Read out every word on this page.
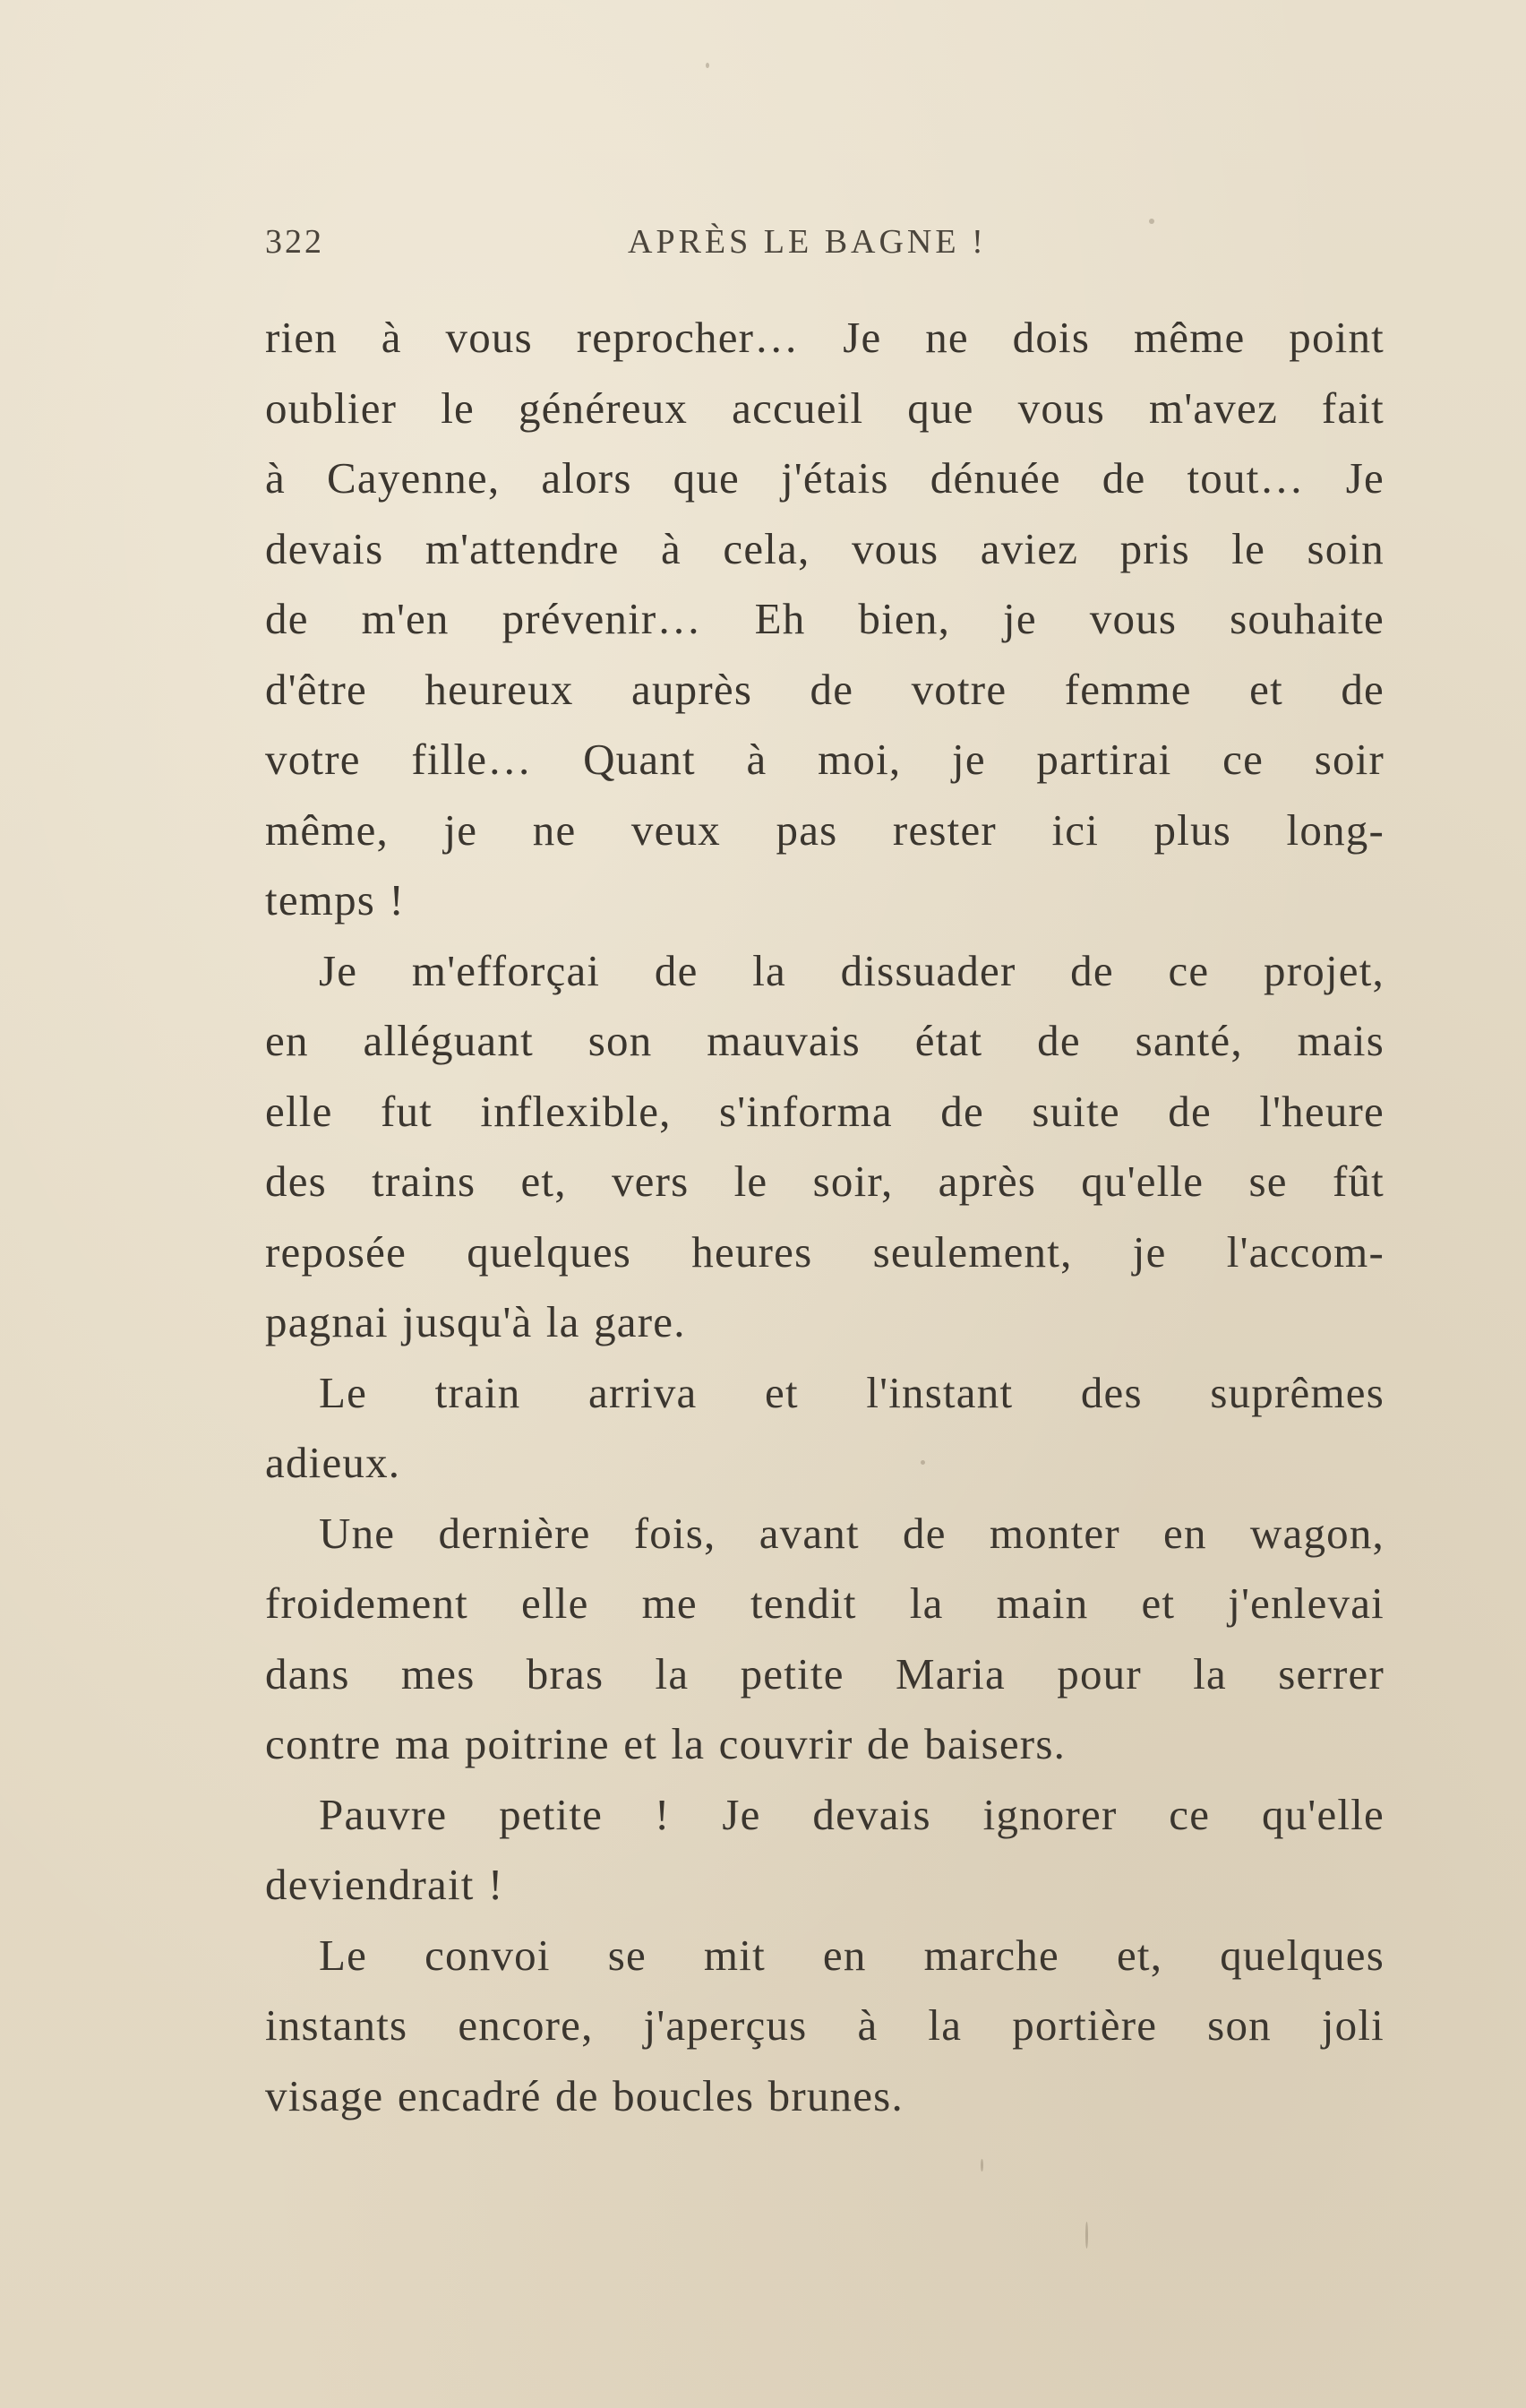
322	APRÈS LE BAGNE !

rien à vous reprocher… Je ne dois même point

oublier le généreux accueil que vous m'avez fait

à Cayenne, alors que j'étais dénuée de tout… Je

devais m'attendre à cela, vous aviez pris le soin

de m'en prévenir… Eh bien, je vous souhaite

d'être heureux auprès de votre femme et de

votre fille… Quant à moi, je partirai ce soir

même, je ne veux pas rester ici plus long-

temps !

Je m'efforçai de la dissuader de ce projet,

en alléguant son mauvais état de santé, mais

elle fut inflexible, s'informa de suite de l'heure

des trains et, vers le soir, après qu'elle se fût

reposée quelques heures seulement, je l'accom-

pagnai jusqu'à la gare.

Le train arriva et l'instant des suprêmes

adieux.

Une dernière fois, avant de monter en wagon,

froidement elle me tendit la main et j'enlevai

dans mes bras la petite Maria pour la serrer

contre ma poitrine et la couvrir de baisers.

Pauvre petite ! Je devais ignorer ce qu'elle

deviendrait !

Le convoi se mit en marche et, quelques

instants encore, j'aperçus à la portière son joli

visage encadré de boucles brunes.
